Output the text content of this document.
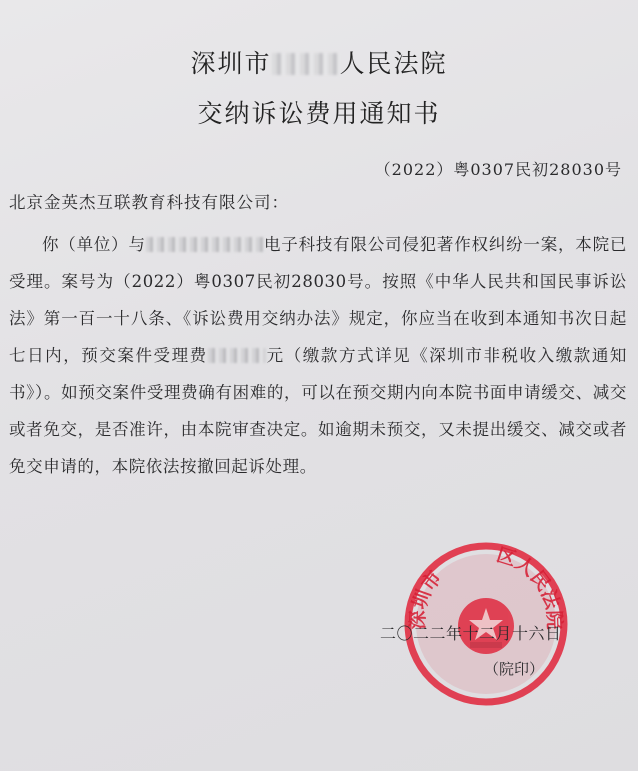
深圳市	人民法院
交纳诉讼费用通知书
（2022）粤0307民初28030号
北京金英杰互联教育科技有限公司：
你（单位）与	电子科技有限公司侵犯著作权纠纷一案，本院已受理。案号为（2022）粤0307民初28030号。按照《中华人民共和国民事诉讼法》第一百一十八条、《诉讼费用交纳办法》规定，你应当在收到本通知书次日起七日内，预交案件受理费	元（缴款方式详见《深圳市非税收入缴款通知书》）。如预交案件受理费确有困难的，可以在预交期内向本院书面申请缓交、减交或者免交，是否准许，由本院审查决定。如逾期未预交，又未提出缓交、减交或者免交申请的，本院依法按撤回起诉处理。
深圳市　　　区人民法院
二〇二二年十二月十六日
（院印）
